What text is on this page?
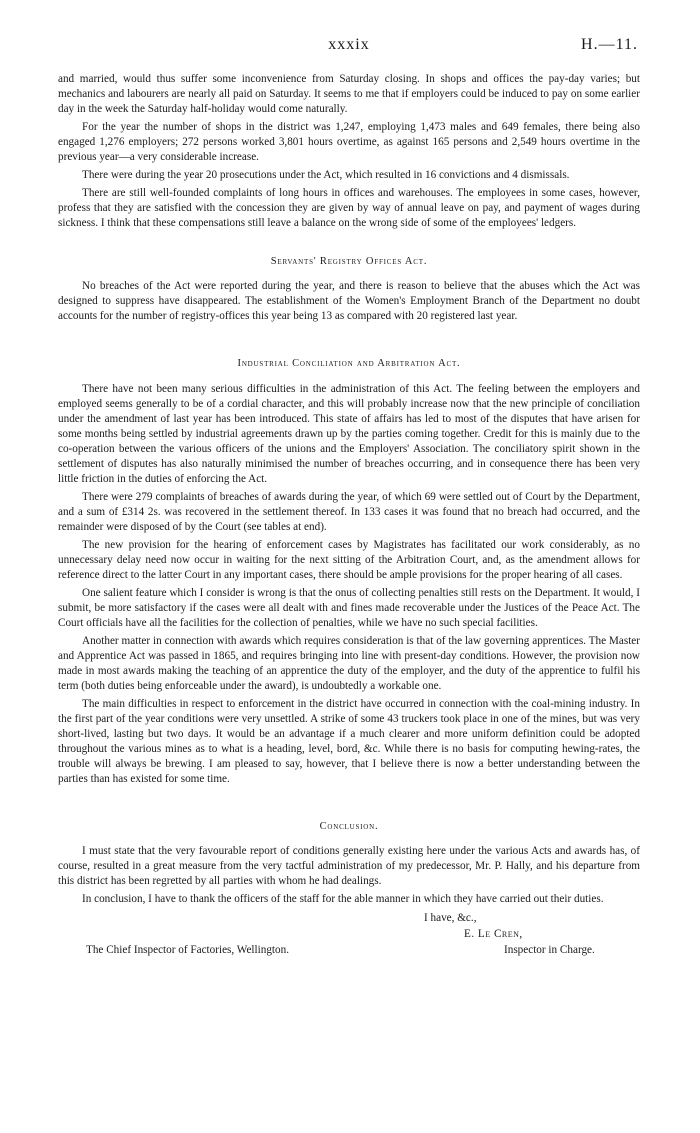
xxxix	H.—11.

and married, would thus suffer some inconvenience from Saturday closing. In shops and offices the pay-day varies; but mechanics and labourers are nearly all paid on Saturday. It seems to me that if employers could be induced to pay on some earlier day in the week the Saturday half-holiday would come naturally.

For the year the number of shops in the district was 1,247, employing 1,473 males and 649 females, there being also engaged 1,276 employers; 272 persons worked 3,801 hours overtime, as against 165 persons and 2,549 hours overtime in the previous year—a very considerable increase.

There were during the year 20 prosecutions under the Act, which resulted in 16 convictions and 4 dismissals.

There are still well-founded complaints of long hours in offices and warehouses. The employees in some cases, however, profess that they are satisfied with the concession they are given by way of annual leave on pay, and payment of wages during sickness. I think that these compensations still leave a balance on the wrong side of some of the employees' ledgers.

Servants' Registry Offices Act.

No breaches of the Act were reported during the year, and there is reason to believe that the abuses which the Act was designed to suppress have disappeared. The establishment of the Women's Employment Branch of the Department no doubt accounts for the number of registry-offices this year being 13 as compared with 20 registered last year.

Industrial Conciliation and Arbitration Act.

There have not been many serious difficulties in the administration of this Act. The feeling between the employers and employed seems generally to be of a cordial character, and this will probably increase now that the new principle of conciliation under the amendment of last year has been introduced. This state of affairs has led to most of the disputes that have arisen for some months being settled by industrial agreements drawn up by the parties coming together. Credit for this is mainly due to the co-operation between the various officers of the unions and the Employers' Association. The conciliatory spirit shown in the settlement of disputes has also naturally minimised the number of breaches occurring, and in consequence there has been very little friction in the duties of enforcing the Act.

There were 279 complaints of breaches of awards during the year, of which 69 were settled out of Court by the Department, and a sum of £314 2s. was recovered in the settlement thereof. In 133 cases it was found that no breach had occurred, and the remainder were disposed of by the Court (see tables at end).

The new provision for the hearing of enforcement cases by Magistrates has facilitated our work considerably, as no unnecessary delay need now occur in waiting for the next sitting of the Arbitration Court, and, as the amendment allows for reference direct to the latter Court in any important cases, there should be ample provisions for the proper hearing of all cases.

One salient feature which I consider is wrong is that the onus of collecting penalties still rests on the Department. It would, I submit, be more satisfactory if the cases were all dealt with and fines made recoverable under the Justices of the Peace Act. The Court officials have all the facilities for the collection of penalties, while we have no such special facilities.

Another matter in connection with awards which requires consideration is that of the law governing apprentices. The Master and Apprentice Act was passed in 1865, and requires bringing into line with present-day conditions. However, the provision now made in most awards making the teaching of an apprentice the duty of the employer, and the duty of the apprentice to fulfil his term (both duties being enforceable under the award), is undoubtedly a workable one.

The main difficulties in respect to enforcement in the district have occurred in connection with the coal-mining industry. In the first part of the year conditions were very unsettled. A strike of some 43 truckers took place in one of the mines, but was very short-lived, lasting but two days. It would be an advantage if a much clearer and more uniform definition could be adopted throughout the various mines as to what is a heading, level, bord, &c. While there is no basis for computing hewing-rates, the trouble will always be brewing. I am pleased to say, however, that I believe there is now a better understanding between the parties than has existed for some time.

Conclusion.

I must state that the very favourable report of conditions generally existing here under the various Acts and awards has, of course, resulted in a great measure from the very tactful administration of my predecessor, Mr. P. Hally, and his departure from this district has been regretted by all parties with whom he had dealings.

In conclusion, I have to thank the officers of the staff for the able manner in which they have carried out their duties.

I have, &c.,
E. Le Cren,
Inspector in Charge.
The Chief Inspector of Factories, Wellington.
